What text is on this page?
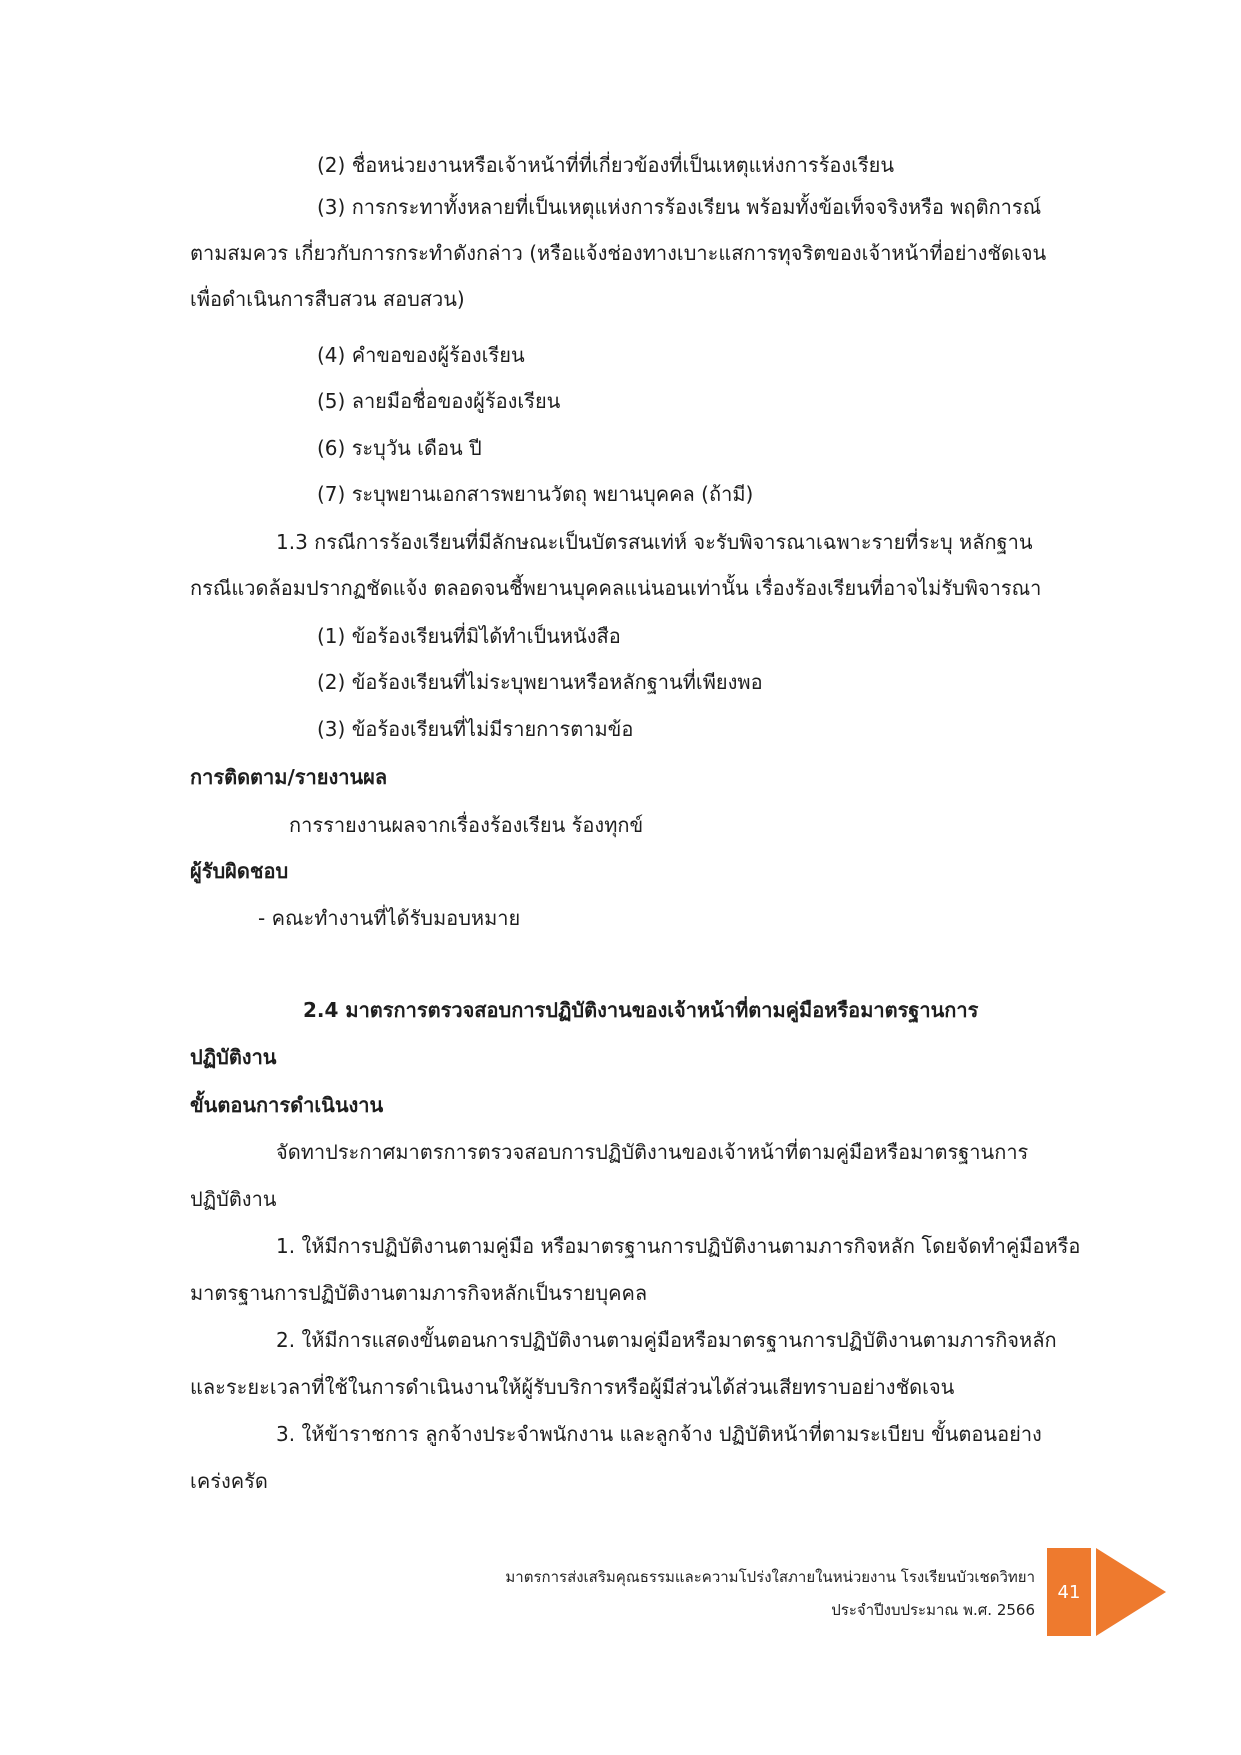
(2) ชื่อหน่วยงานหรือเจ้าหน้าที่ที่เกี่ยวข้องที่เป็นเหตุแห่งการร้องเรียน
(3) การกระทาทั้งหลายที่เป็นเหตุแห่งการร้องเรียน พร้อมทั้งข้อเท็จจริงหรือ พฤติการณ์
ตามสมควร เกี่ยวกับการกระทำดังกล่าว (หรือแจ้งช่องทางเบาะแสการทุจริตของเจ้าหน้าที่อย่างชัดเจน
เพื่อดำเนินการสืบสวน สอบสวน)
(4) คำขอของผู้ร้องเรียน
(5) ลายมือชื่อของผู้ร้องเรียน
(6) ระบุวัน เดือน ปี
(7) ระบุพยานเอกสารพยานวัตถุ พยานบุคคล (ถ้ามี)
1.3 กรณีการร้องเรียนที่มีลักษณะเป็นบัตรสนเท่ห์ จะรับพิจารณาเฉพาะรายที่ระบุ หลักฐาน
กรณีแวดล้อมปรากฏชัดแจ้ง ตลอดจนชี้พยานบุคคลแน่นอนเท่านั้น เรื่องร้องเรียนที่อาจไม่รับพิจารณา
(1) ข้อร้องเรียนที่มิได้ทำเป็นหนังสือ
(2) ข้อร้องเรียนที่ไม่ระบุพยานหรือหลักฐานที่เพียงพอ
(3) ข้อร้องเรียนที่ไม่มีรายการตามข้อ
การติดตาม/รายงานผล
การรายงานผลจากเรื่องร้องเรียน ร้องทุกข์
ผู้รับผิดชอบ
- คณะทำงานที่ได้รับมอบหมาย
2.4 มาตรการตรวจสอบการปฏิบัติงานของเจ้าหน้าที่ตามคู่มือหรือมาตรฐานการ
ปฏิบัติงาน
ขั้นตอนการดำเนินงาน
จัดทาประกาศมาตรการตรวจสอบการปฏิบัติงานของเจ้าหน้าที่ตามคู่มือหรือมาตรฐานการ
ปฏิบัติงาน
1. ให้มีการปฏิบัติงานตามคู่มือ หรือมาตรฐานการปฏิบัติงานตามภารกิจหลัก โดยจัดทำคู่มือหรือ
มาตรฐานการปฏิบัติงานตามภารกิจหลักเป็นรายบุคคล
2. ให้มีการแสดงขั้นตอนการปฏิบัติงานตามคู่มือหรือมาตรฐานการปฏิบัติงานตามภารกิจหลัก
และระยะเวลาที่ใช้ในการดำเนินงานให้ผู้รับบริการหรือผู้มีส่วนได้ส่วนเสียทราบอย่างชัดเจน
3. ให้ข้าราชการ ลูกจ้างประจำพนักงาน และลูกจ้าง ปฏิบัติหน้าที่ตามระเบียบ ขั้นตอนอย่าง
เคร่งครัด
มาตรการส่งเสริมคุณธรรมและความโปร่งใสภายในหน่วยงาน โรงเรียนบัวเชดวิทยา
ประจำปีงบประมาณ พ.ศ. 2566
41
